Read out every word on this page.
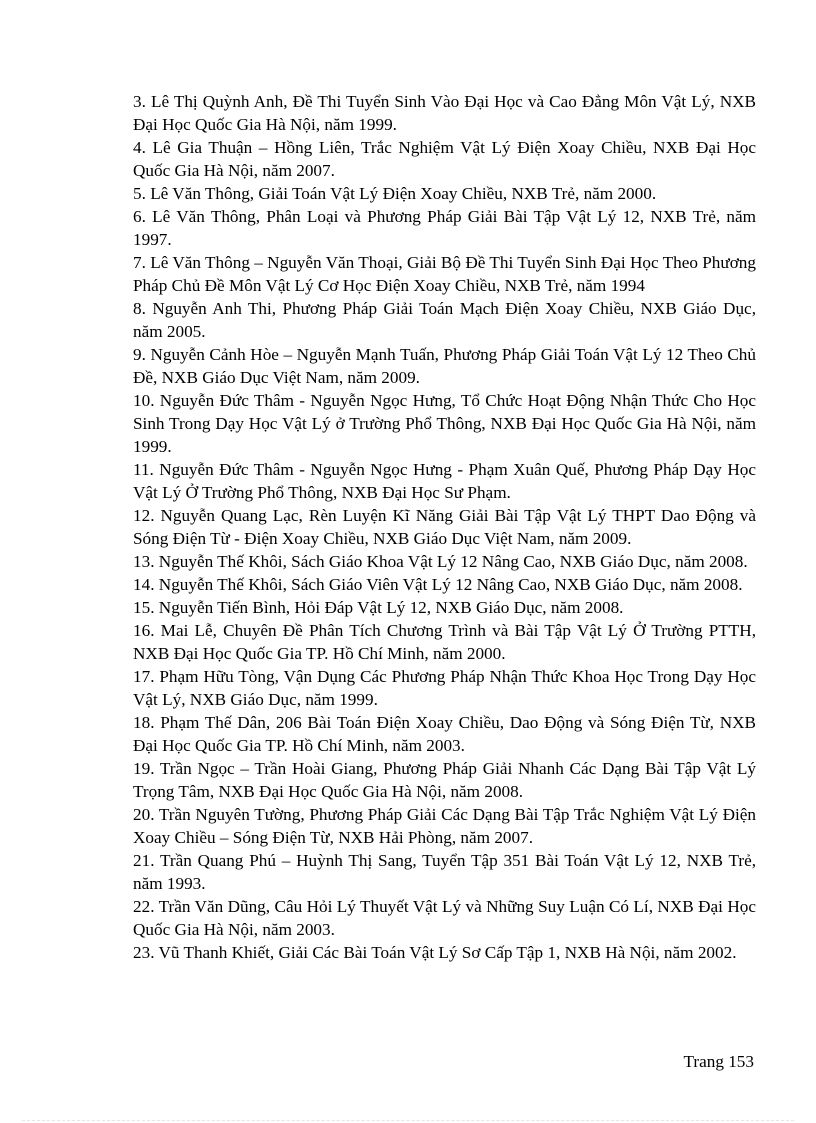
3. Lê Thị Quỳnh Anh, Đề Thi Tuyển Sinh Vào Đại Học và Cao Đẳng Môn Vật Lý, NXB Đại Học Quốc Gia Hà Nội, năm 1999.
4. Lê Gia Thuận – Hồng Liên, Trắc Nghiệm Vật Lý Điện Xoay Chiều, NXB Đại Học Quốc Gia Hà Nội, năm 2007.
5. Lê Văn Thông, Giải Toán Vật Lý Điện Xoay Chiều, NXB Trẻ, năm 2000.
6. Lê Văn Thông, Phân Loại và Phương Pháp Giải Bài Tập Vật Lý 12, NXB Trẻ, năm 1997.
7. Lê Văn Thông – Nguyễn Văn Thoại, Giải Bộ Đề Thi Tuyển Sinh Đại Học Theo Phương Pháp Chủ Đề Môn Vật Lý Cơ Học Điện Xoay Chiều, NXB Trẻ, năm 1994
8. Nguyễn Anh Thi, Phương Pháp Giải Toán Mạch Điện Xoay Chiều, NXB Giáo Dục, năm 2005.
9. Nguyễn Cảnh Hòe – Nguyễn Mạnh Tuấn, Phương Pháp Giải Toán Vật Lý 12 Theo Chủ Đề, NXB Giáo Dục Việt Nam, năm 2009.
10. Nguyễn Đức Thâm - Nguyễn Ngọc Hưng, Tổ Chức Hoạt Động Nhận Thức Cho Học Sinh Trong Dạy Học Vật Lý ở Trường Phổ Thông, NXB Đại Học Quốc Gia Hà Nội, năm 1999.
11. Nguyễn Đức Thâm - Nguyễn Ngọc Hưng - Phạm Xuân Quế, Phương Pháp Dạy Học Vật Lý Ở Trường Phổ Thông, NXB Đại Học Sư Phạm.
12. Nguyễn Quang Lạc, Rèn Luyện Kĩ Năng Giải Bài Tập Vật Lý THPT Dao Động và Sóng Điện Từ - Điện Xoay Chiều, NXB Giáo Dục Việt Nam, năm 2009.
13. Nguyễn Thế Khôi, Sách Giáo Khoa Vật Lý 12 Nâng Cao, NXB Giáo Dục, năm 2008.
14. Nguyễn Thế Khôi, Sách Giáo Viên Vật Lý 12 Nâng Cao, NXB Giáo Dục, năm 2008.
15. Nguyễn Tiến Bình, Hỏi Đáp Vật Lý 12, NXB Giáo Dục, năm 2008.
16. Mai Lễ, Chuyên Đề Phân Tích Chương Trình và Bài Tập Vật Lý Ở Trường PTTH, NXB Đại Học Quốc Gia TP. Hồ Chí Minh, năm 2000.
17. Phạm Hữu Tòng, Vận Dụng Các Phương Pháp Nhận Thức Khoa Học Trong Dạy Học Vật Lý, NXB Giáo Dục, năm 1999.
18. Phạm Thế Dân, 206 Bài Toán Điện Xoay Chiều, Dao Động và Sóng Điện Từ, NXB Đại Học Quốc Gia TP. Hồ Chí Minh, năm 2003.
19. Trần Ngọc – Trần Hoài Giang, Phương Pháp Giải Nhanh Các Dạng Bài Tập Vật Lý Trọng Tâm, NXB Đại Học Quốc Gia Hà Nội, năm 2008.
20. Trần Nguyên Tường, Phương Pháp Giải Các Dạng Bài Tập Trắc Nghiệm Vật Lý Điện Xoay Chiều – Sóng Điện Từ, NXB Hải Phòng, năm 2007.
21. Trần Quang Phú – Huỳnh Thị Sang, Tuyển Tập 351 Bài Toán Vật Lý 12, NXB Trẻ, năm 1993.
22. Trần Văn Dũng, Câu Hỏi Lý Thuyết Vật Lý và Những Suy Luận Có Lí, NXB Đại Học Quốc Gia Hà Nội, năm 2003.
23. Vũ Thanh Khiết, Giải Các Bài Toán Vật Lý Sơ Cấp Tập 1, NXB Hà Nội, năm 2002.
Trang 153
